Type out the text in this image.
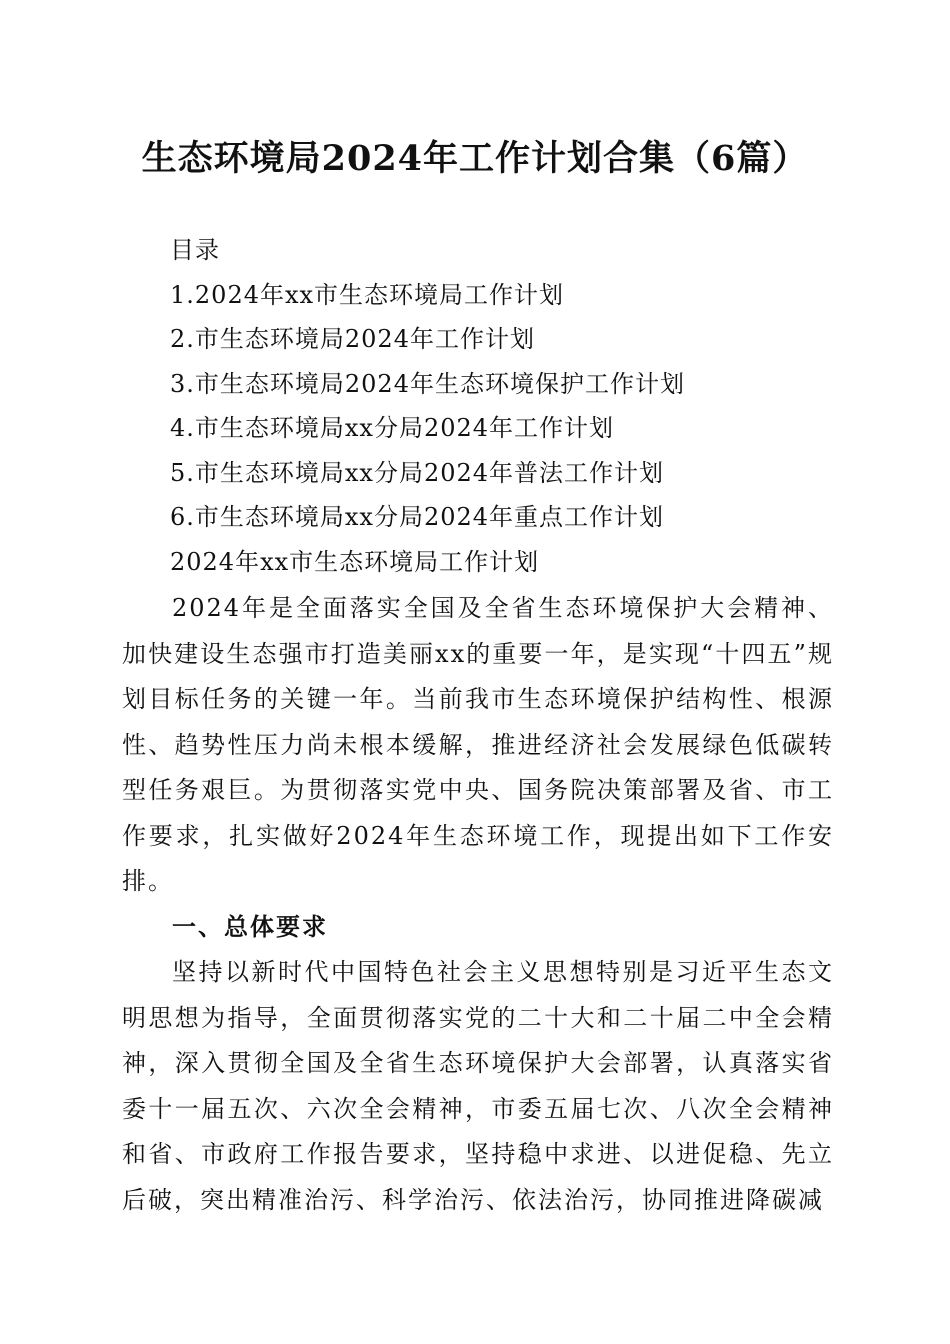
生态环境局2024年工作计划合集（6篇）
目录
1.2024年xx市生态环境局工作计划
2.市生态环境局2024年工作计划
3.市生态环境局2024年生态环境保护工作计划
4.市生态环境局xx分局2024年工作计划
5.市生态环境局xx分局2024年普法工作计划
6.市生态环境局xx分局2024年重点工作计划
2024年xx市生态环境局工作计划

2024年是全面落实全国及全省生态环境保护大会精神、加快建设生态强市打造美丽xx的重要一年，是实现“十四五”规划目标任务的关键一年。当前我市生态环境保护结构性、根源性、趋势性压力尚未根本缓解，推进经济社会发展绿色低碳转型任务艰巨。为贯彻落实党中央、国务院决策部署及省、市工作要求，扎实做好2024年生态环境工作，现提出如下工作安排。

一、总体要求

坚持以新时代中国特色社会主义思想特别是习近平生态文明思想为指导，全面贯彻落实党的二十大和二十届二中全会精神，深入贯彻全国及全省生态环境保护大会部署，认真落实省委十一届五次、六次全会精神，市委五届七次、八次全会精神和省、市政府工作报告要求，坚持稳中求进、以进促稳、先立后破，突出精准治污、科学治污、依法治污，协同推进降碳减
